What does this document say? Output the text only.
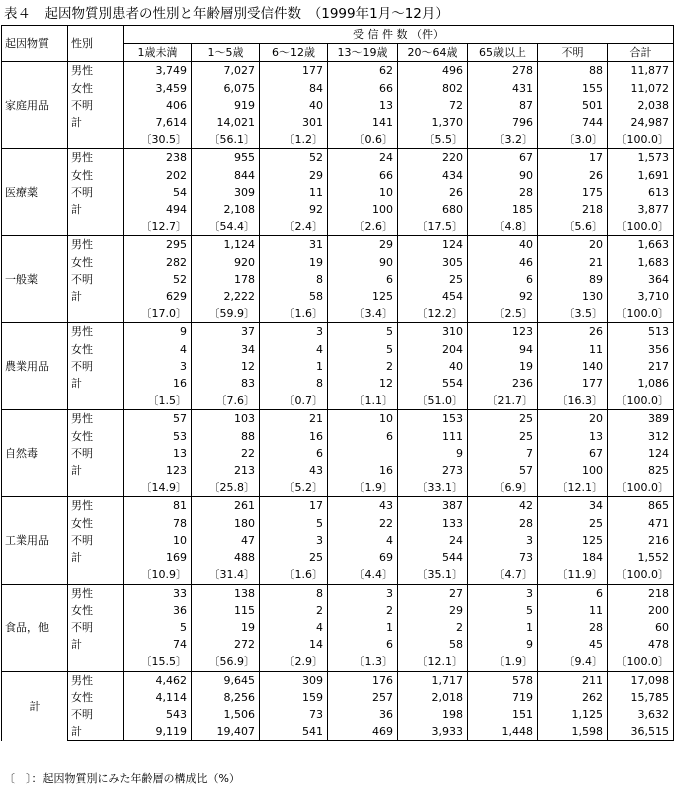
表４　起因物質別患者の性別と年齢層別受信件数　（1999年1月～12月）
起因物質	性別	受 信 件 数 （件）							
		1歳未満	1～5歳	6～12歳	13～19歳	20～64歳	65歳以上	不明	合計
家庭用品	男性	3,749	7,027	177	62	496	278	88	11,877
	女性	3,459	6,075	84	66	802	431	155	11,072
	不明	406	919	40	13	72	87	501	2,038
	計	7,614	14,021	301	141	1,370	796	744	24,987
		〔30.5〕	〔56.1〕	〔1.2〕	〔0.6〕	〔5.5〕	〔3.2〕	〔3.0〕	〔100.0〕
医療薬	男性	238	955	52	24	220	67	17	1,573
	女性	202	844	29	66	434	90	26	1,691
	不明	54	309	11	10	26	28	175	613
	計	494	2,108	92	100	680	185	218	3,877
		〔12.7〕	〔54.4〕	〔2.4〕	〔2.6〕	〔17.5〕	〔4.8〕	〔5.6〕	〔100.0〕
一般薬	男性	295	1,124	31	29	124	40	20	1,663
	女性	282	920	19	90	305	46	21	1,683
	不明	52	178	8	6	25	6	89	364
	計	629	2,222	58	125	454	92	130	3,710
		〔17.0〕	〔59.9〕	〔1.6〕	〔3.4〕	〔12.2〕	〔2.5〕	〔3.5〕	〔100.0〕
農業用品	男性	9	37	3	5	310	123	26	513
	女性	4	34	4	5	204	94	11	356
	不明	3	12	1	2	40	19	140	217
	計	16	83	8	12	554	236	177	1,086
		〔1.5〕	〔7.6〕	〔0.7〕	〔1.1〕	〔51.0〕	〔21.7〕	〔16.3〕	〔100.0〕
自然毒	男性	57	103	21	10	153	25	20	389
	女性	53	88	16	6	111	25	13	312
	不明	13	22	6		9	7	67	124
	計	123	213	43	16	273	57	100	825
		〔14.9〕	〔25.8〕	〔5.2〕	〔1.9〕	〔33.1〕	〔6.9〕	〔12.1〕	〔100.0〕
工業用品	男性	81	261	17	43	387	42	34	865
	女性	78	180	5	22	133	28	25	471
	不明	10	47	3	4	24	3	125	216
	計	169	488	25	69	544	73	184	1,552
		〔10.9〕	〔31.4〕	〔1.6〕	〔4.4〕	〔35.1〕	〔4.7〕	〔11.9〕	〔100.0〕
食品，他	男性	33	138	8	3	27	3	6	218
	女性	36	115	2	2	29	5	11	200
	不明	5	19	4	1	2	1	28	60
	計	74	272	14	6	58	9	45	478
		〔15.5〕	〔56.9〕	〔2.9〕	〔1.3〕	〔12.1〕	〔1.9〕	〔9.4〕	〔100.0〕
計	男性	4,462	9,645	309	176	1,717	578	211	17,098
	女性	4,114	8,256	159	257	2,018	719	262	15,785
	不明	543	1,506	73	36	198	151	1,125	3,632
	計	9,119	19,407	541	469	3,933	1,448	1,598	36,515
〔　〕：起因物質別にみた年齢層の構成比（%）
